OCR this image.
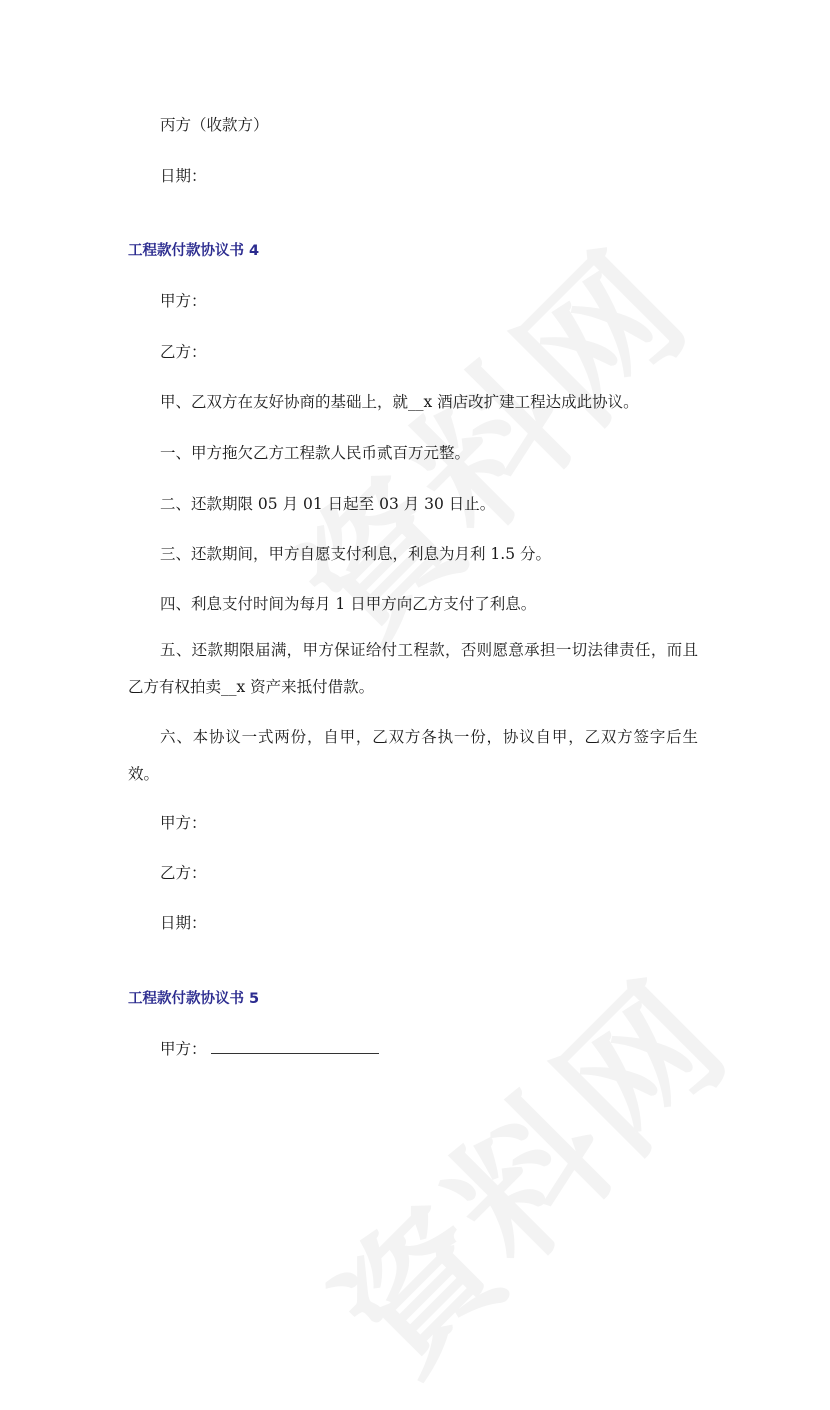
丙方（收款方）
日期：
工程款付款协议书 4
甲方：
乙方：
甲、乙双方在友好协商的基础上，就__x 酒店改扩建工程达成此协议。
一、甲方拖欠乙方工程款人民币贰百万元整。
二、还款期限 05 月 01 日起至 03 月 30 日止。
三、还款期间，甲方自愿支付利息，利息为月利 1.5 分。
四、利息支付时间为每月 1 日甲方向乙方支付了利息。
五、还款期限届满，甲方保证给付工程款，否则愿意承担一切法律责任，而且乙方有权拍卖__x 资产来抵付借款。
六、本协议一式两份，自甲，乙双方各执一份，协议自甲，乙双方签字后生效。
甲方：
乙方：
日期：
工程款付款协议书 5
甲方：
